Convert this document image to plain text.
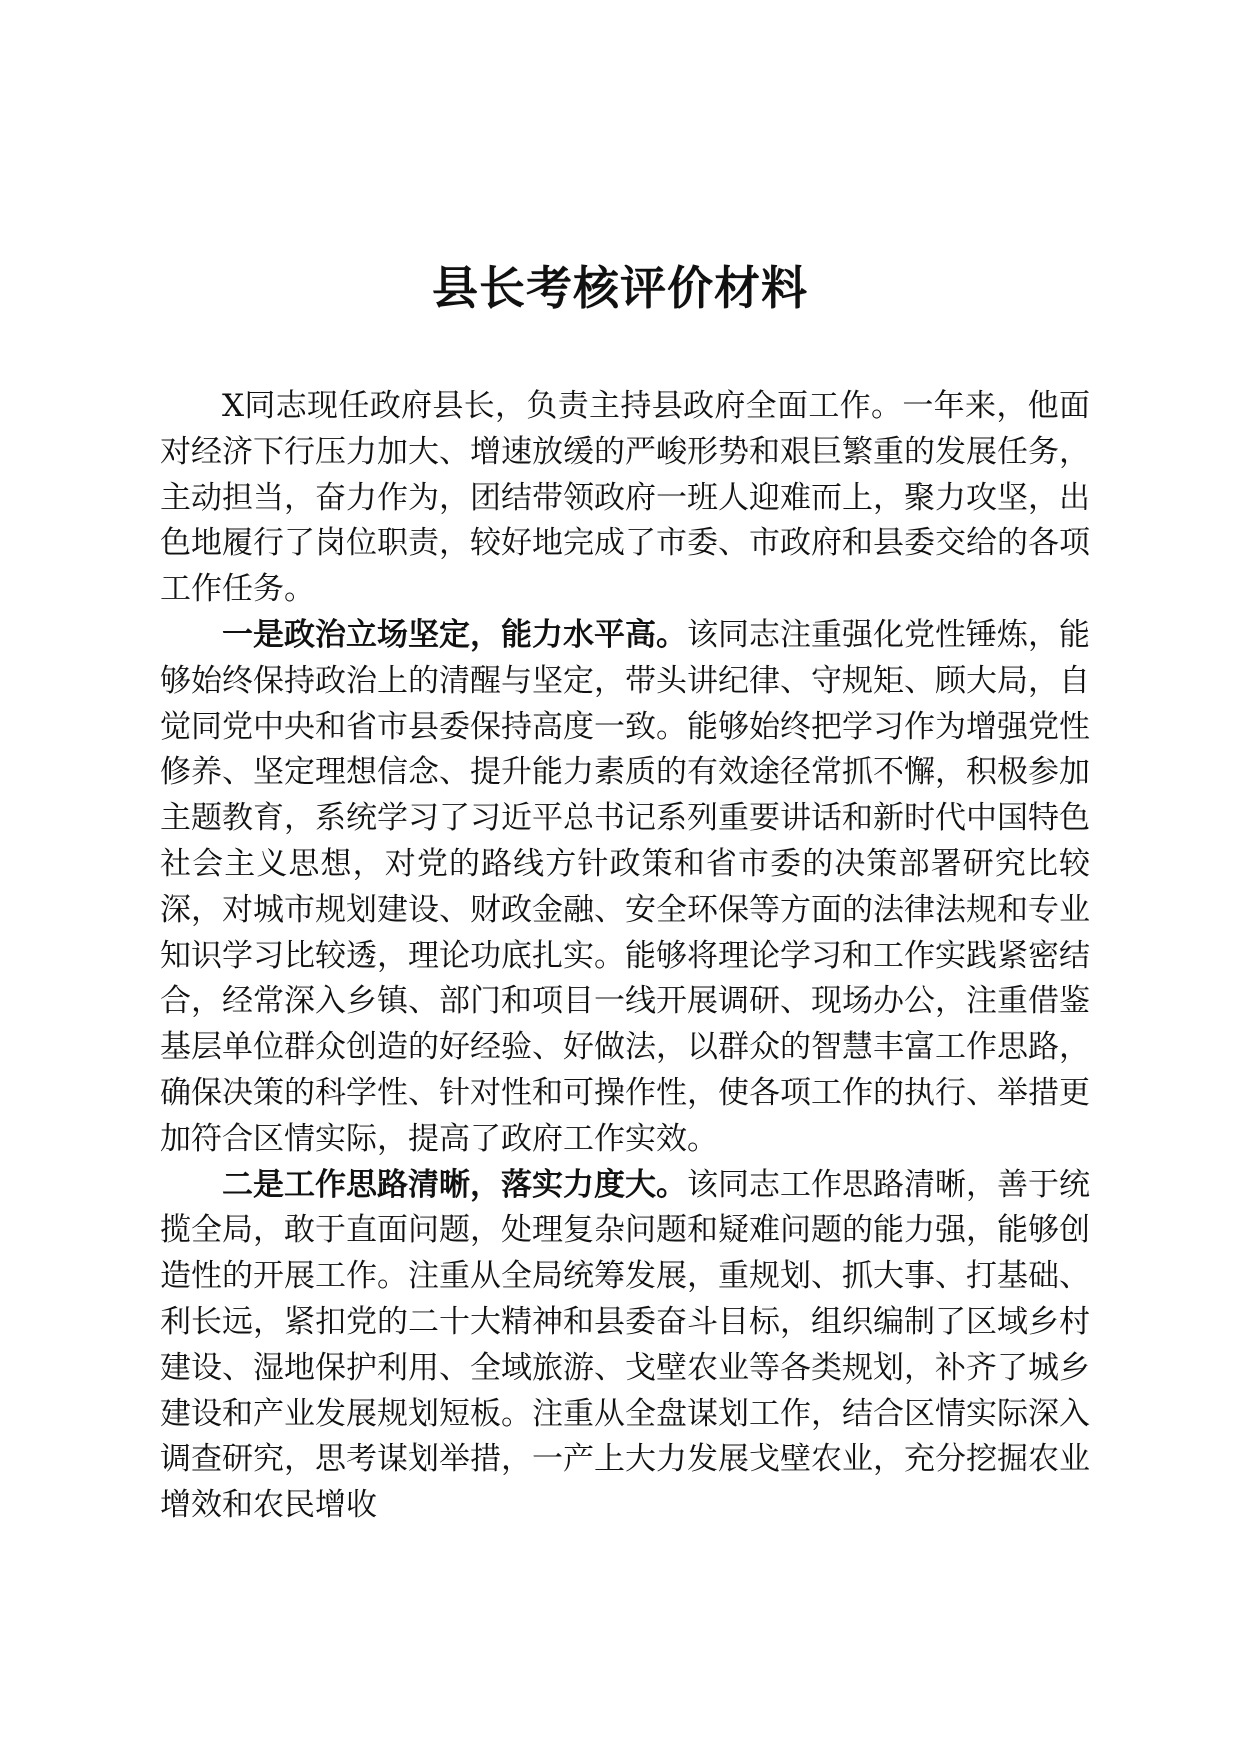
县长考核评价材料

X同志现任政府县长，负责主持县政府全面工作。一年来，他面对经济下行压力加大、增速放缓的严峻形势和艰巨繁重的发展任务，主动担当，奋力作为，团结带领政府一班人迎难而上，聚力攻坚，出色地履行了岗位职责，较好地完成了市委、市政府和县委交给的各项工作任务。

一是政治立场坚定，能力水平高。该同志注重强化党性锤炼，能够始终保持政治上的清醒与坚定，带头讲纪律、守规矩、顾大局，自觉同党中央和省市县委保持高度一致。能够始终把学习作为增强党性修养、坚定理想信念、提升能力素质的有效途径常抓不懈，积极参加主题教育，系统学习了习近平总书记系列重要讲话和新时代中国特色社会主义思想，对党的路线方针政策和省市委的决策部署研究比较深，对城市规划建设、财政金融、安全环保等方面的法律法规和专业知识学习比较透，理论功底扎实。能够将理论学习和工作实践紧密结合，经常深入乡镇、部门和项目一线开展调研、现场办公，注重借鉴基层单位群众创造的好经验、好做法，以群众的智慧丰富工作思路，确保决策的科学性、针对性和可操作性，使各项工作的执行、举措更加符合区情实际，提高了政府工作实效。

二是工作思路清晰，落实力度大。该同志工作思路清晰，善于统揽全局，敢于直面问题，处理复杂问题和疑难问题的能力强，能够创造性的开展工作。注重从全局统筹发展，重规划、抓大事、打基础、利长远，紧扣党的二十大精神和县委奋斗目标，组织编制了区域乡村建设、湿地保护利用、全域旅游、戈壁农业等各类规划，补齐了城乡建设和产业发展规划短板。注重从全盘谋划工作，结合区情实际深入调查研究，思考谋划举措，一产上大力发展戈壁农业，充分挖掘农业增效和农民增收
